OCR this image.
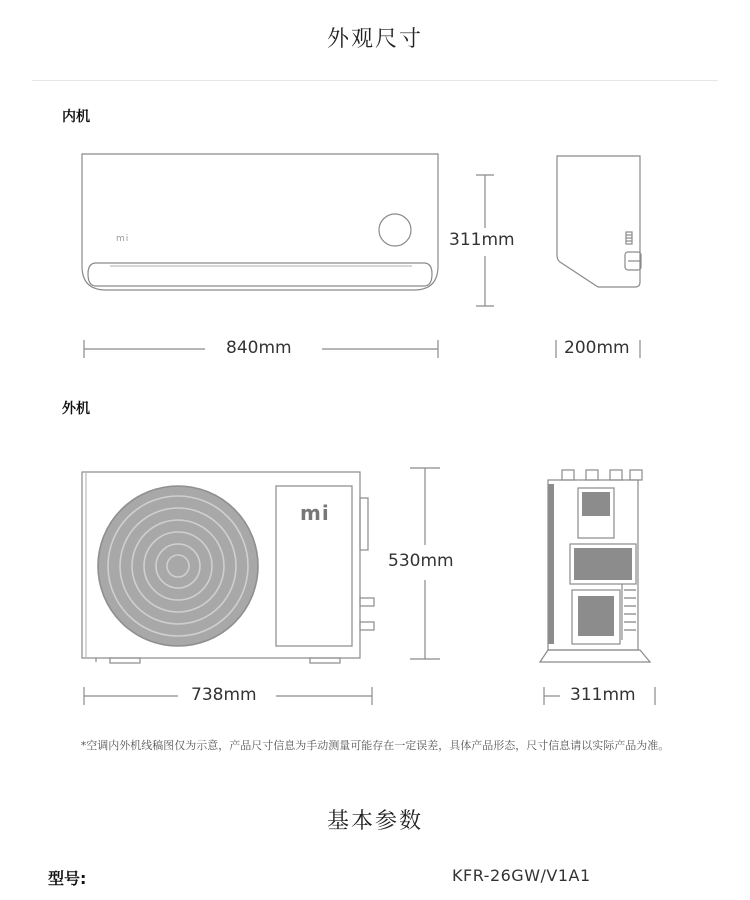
外观尺寸
内机
mi
mi
311mm
840mm	200mm
外机
530mm
738mm	311mm
*空调内外机线稿图仅为示意，产品尺寸信息为手动测量可能存在一定误差，具体产品形态，尺寸信息请以实际产品为准。
基本参数
型号:	KFR-26GW/V1A1
